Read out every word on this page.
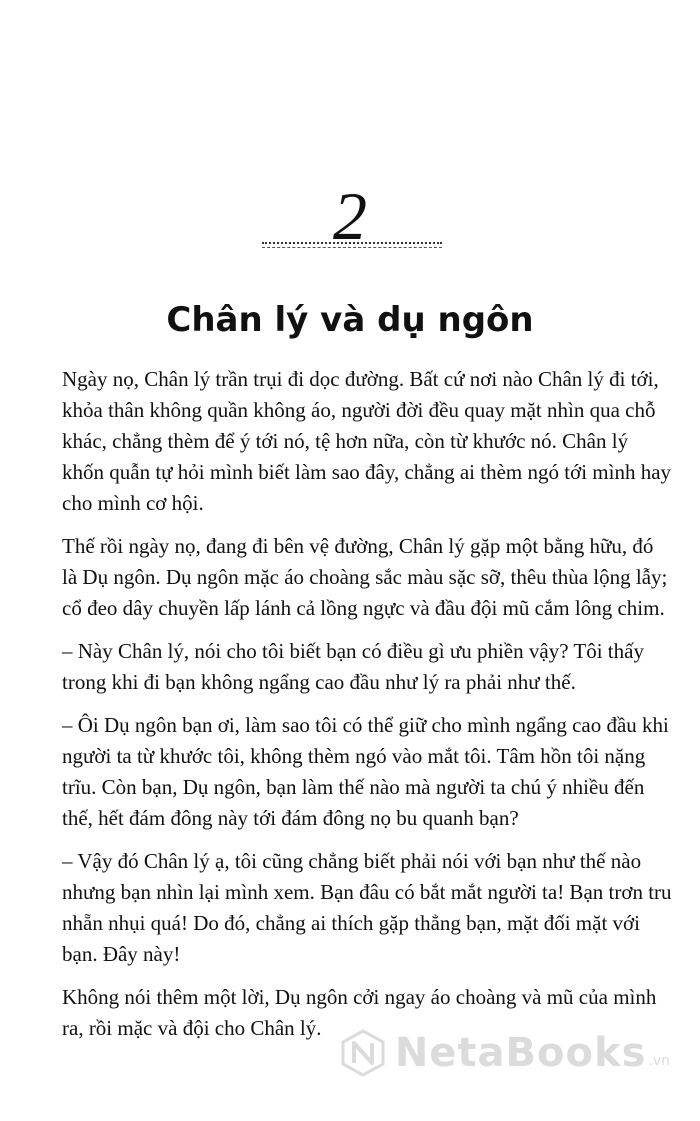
2
Chân lý và dụ ngôn

Ngày nọ, Chân lý trần trụi đi dọc đường. Bất cứ nơi nào Chân lý đi tới, khỏa thân không quần không áo, người đời đều quay mặt nhìn qua chỗ khác, chẳng thèm để ý tới nó, tệ hơn nữa, còn từ khước nó. Chân lý khốn quẫn tự hỏi mình biết làm sao đây, chẳng ai thèm ngó tới mình hay cho mình cơ hội.

Thế rồi ngày nọ, đang đi bên vệ đường, Chân lý gặp một bằng hữu, đó là Dụ ngôn. Dụ ngôn mặc áo choàng sắc màu sặc sỡ, thêu thùa lộng lẫy; cổ đeo dây chuyền lấp lánh cả lồng ngực và đầu đội mũ cắm lông chim.

– Này Chân lý, nói cho tôi biết bạn có điều gì ưu phiền vậy? Tôi thấy trong khi đi bạn không ngẩng cao đầu như lý ra phải như thế.

– Ôi Dụ ngôn bạn ơi, làm sao tôi có thể giữ cho mình ngẩng cao đầu khi người ta từ khước tôi, không thèm ngó vào mắt tôi. Tâm hồn tôi nặng trĩu. Còn bạn, Dụ ngôn, bạn làm thế nào mà người ta chú ý nhiều đến thế, hết đám đông này tới đám đông nọ bu quanh bạn?

– Vậy đó Chân lý ạ, tôi cũng chẳng biết phải nói với bạn như thế nào nhưng bạn nhìn lại mình xem. Bạn đâu có bắt mắt người ta! Bạn trơn tru nhẵn nhụi quá! Do đó, chẳng ai thích gặp thẳng bạn, mặt đối mặt với bạn. Đây này!

Không nói thêm một lời, Dụ ngôn cởi ngay áo choàng và mũ của mình ra, rồi mặc và đội cho Chân lý.

NetaBooks .vn
